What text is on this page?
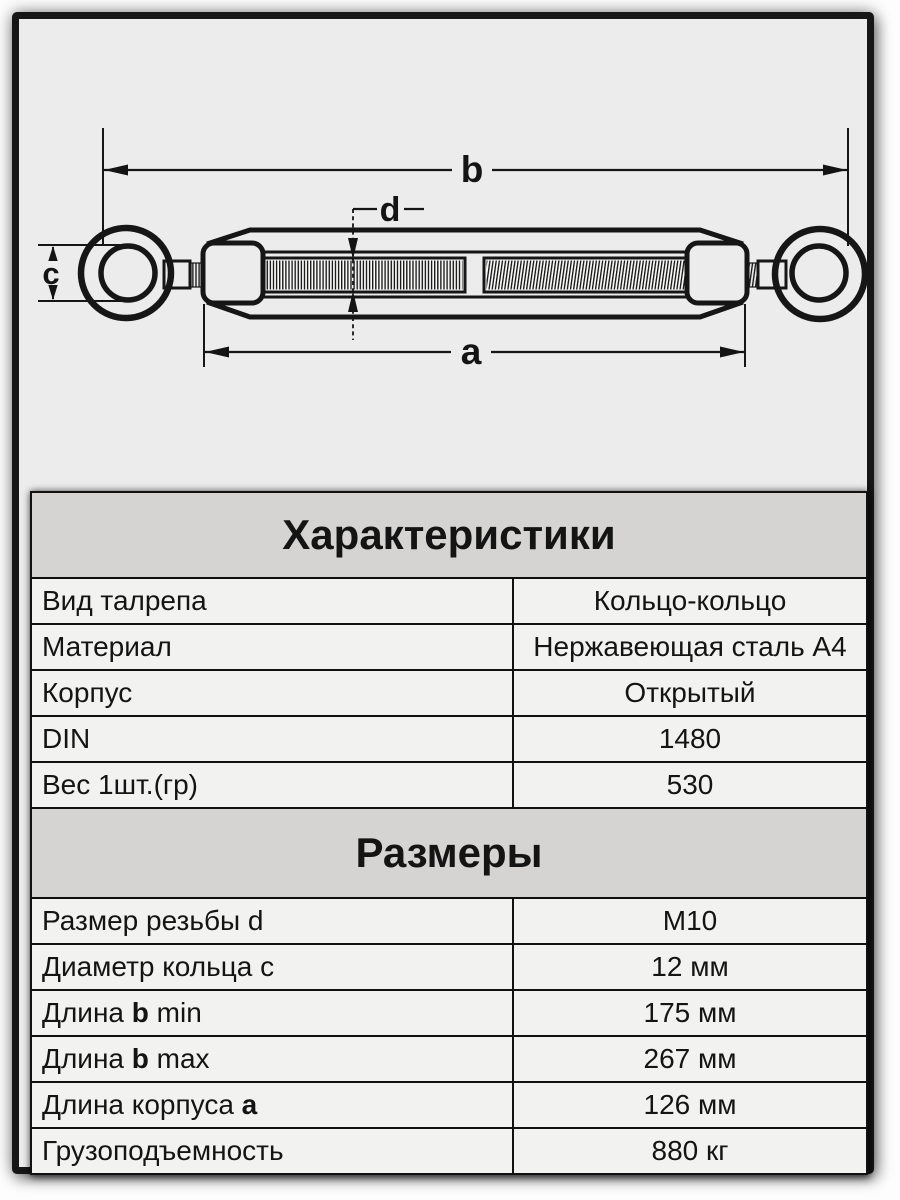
b
a
c
d
Характеристики	
Вид талрепа	Кольцо-кольцо
Материал	Нержавеющая сталь А4
Корпус	Открытый
DIN	1480
Вес 1шт.(гр)	530
Размеры	
Размер резьбы d	М10
Диаметр кольца с	12 мм
Длина b min	175 мм
Длина b max	267 мм
Длина корпуса a	126 мм
Грузоподъемность	880 кг
